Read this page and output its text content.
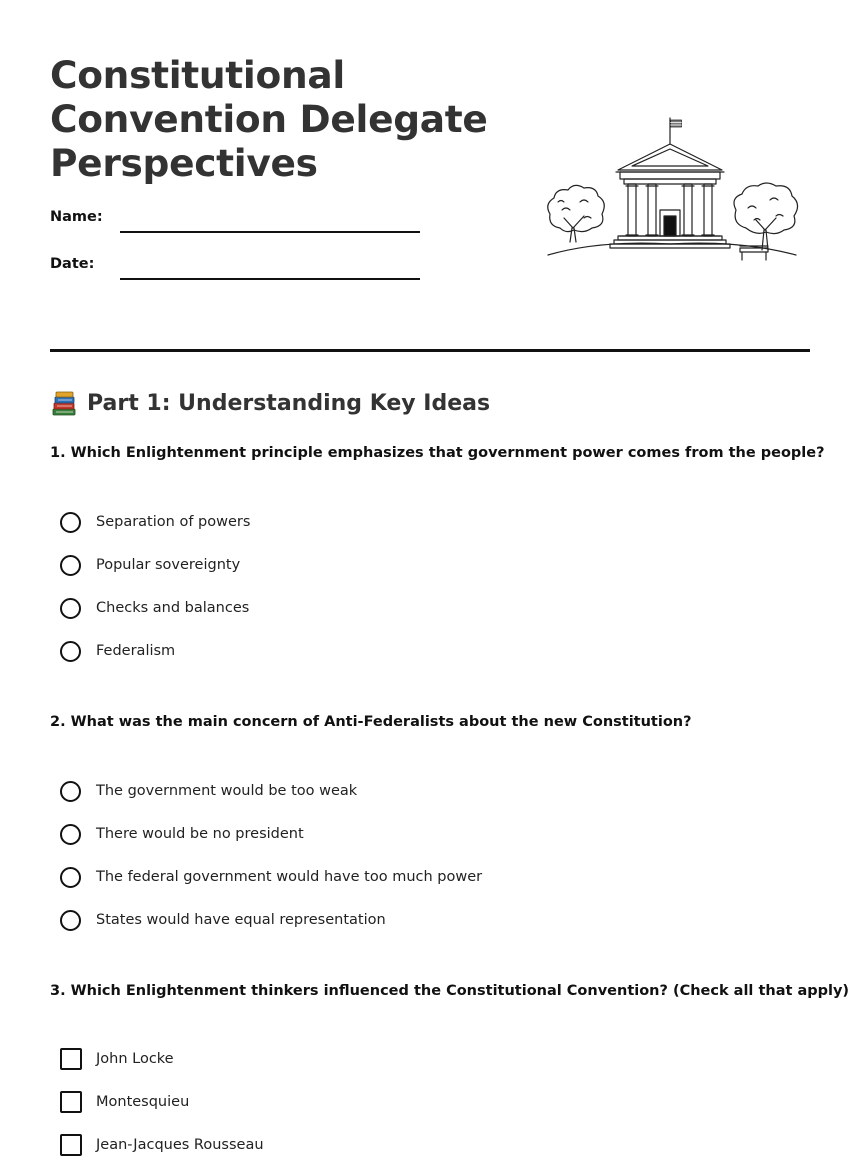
Constitutional Convention Delegate Perspectives
Name:
Date:
Part 1: Understanding Key Ideas
1. Which Enlightenment principle emphasizes that government power comes from the people?
Separation of powers
Popular sovereignty
Checks and balances
Federalism
2. What was the main concern of Anti-Federalists about the new Constitution?
The government would be too weak
There would be no president
The federal government would have too much power
States would have equal representation
3. Which Enlightenment thinkers influenced the Constitutional Convention? (Check all that apply)
John Locke
Montesquieu
Jean-Jacques Rousseau
